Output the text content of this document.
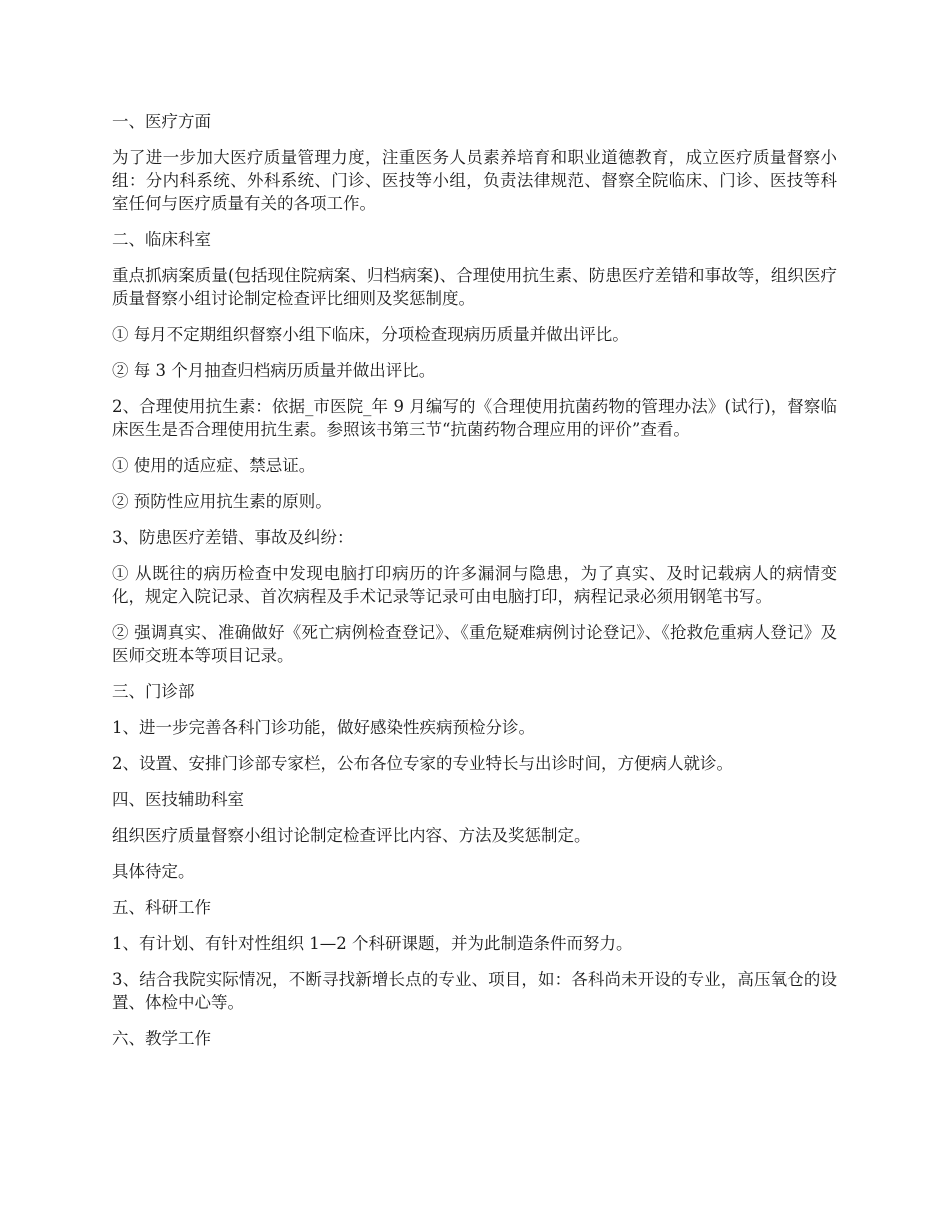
一、医疗方面

为了进一步加大医疗质量管理力度，注重医务人员素养培育和职业道德教育，成立医疗质量督察小组：分内科系统、外科系统、门诊、医技等小组，负责法律规范、督察全院临床、门诊、医技等科室任何与医疗质量有关的各项工作。

二、临床科室

重点抓病案质量(包括现住院病案、归档病案)、合理使用抗生素、防患医疗差错和事故等，组织医疗质量督察小组讨论制定检查评比细则及奖惩制度。

① 每月不定期组织督察小组下临床，分项检查现病历质量并做出评比。

② 每 3 个月抽查归档病历质量并做出评比。

2、合理使用抗生素：依据_市医院_年 9 月编写的《合理使用抗菌药物的管理办法》(试行)，督察临床医生是否合理使用抗生素。参照该书第三节“抗菌药物合理应用的评价”查看。

① 使用的适应症、禁忌证。

② 预防性应用抗生素的原则。

3、防患医疗差错、事故及纠纷：

① 从既往的病历检查中发现电脑打印病历的许多漏洞与隐患，为了真实、及时记载病人的病情变化，规定入院记录、首次病程及手术记录等记录可由电脑打印，病程记录必须用钢笔书写。

② 强调真实、准确做好《死亡病例检查登记》、《重危疑难病例讨论登记》、《抢救危重病人登记》及医师交班本等项目记录。

三、门诊部

1、进一步完善各科门诊功能，做好感染性疾病预检分诊。

2、设置、安排门诊部专家栏，公布各位专家的专业特长与出诊时间，方便病人就诊。

四、医技辅助科室

组织医疗质量督察小组讨论制定检查评比内容、方法及奖惩制定。

具体待定。

五、科研工作

1、有计划、有针对性组织 1—2 个科研课题，并为此制造条件而努力。

3、结合我院实际情况，不断寻找新增长点的专业、项目，如：各科尚未开设的专业，高压氧仓的设置、体检中心等。

六、教学工作
